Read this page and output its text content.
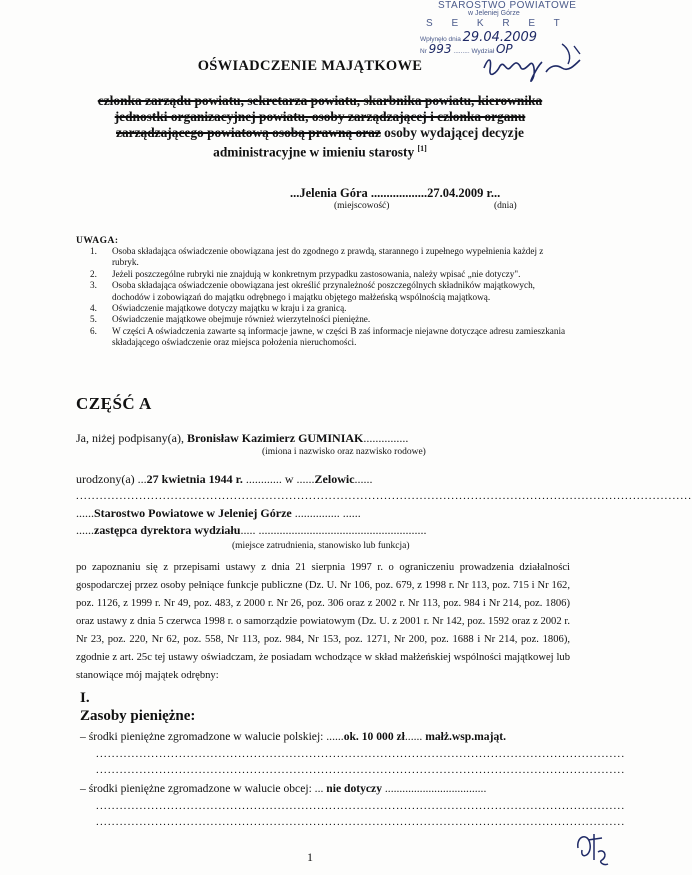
STAROSTWO POWIATOWE
w Jeleniej Górze
S E K R E T
Wpłynęło dnia 29.04.2009
Nr 993 ......... Wydział OP
OŚWIADCZENIE MAJĄTKOWE
członka zarządu powiatu, sekretarza powiatu, skarbnika powiatu, kierownika jednostki organizacyjnej powiatu, osoby zarządzającej i członka organu zarządzającego powiatową osobą prawną oraz osoby wydającej decyzje administracyjne w imieniu starosty [1]
...Jelenia Góra ..................27.04.2009 r...
(miejscowość)	(dnia)
UWAGA:
1. Osoba składająca oświadczenie obowiązana jest do zgodnego z prawdą, starannego i zupełnego wypełnienia każdej z rubryk.
2. Jeżeli poszczególne rubryki nie znajdują w konkretnym przypadku zastosowania, należy wpisać „nie dotyczy".
3. Osoba składająca oświadczenie obowiązana jest określić przynależność poszczególnych składników majątkowych, dochodów i zobowiązań do majątku odrębnego i majątku objętego małżeńską wspólnością majątkową.
4. Oświadczenie majątkowe dotyczy majątku w kraju i za granicą.
5. Oświadczenie majątkowe obejmuje również wierzytelności pieniężne.
6. W części A oświadczenia zawarte są informacje jawne, w części B zaś informacje niejawne dotyczące adresu zamieszkania składającego oświadczenie oraz miejsca położenia nieruchomości.
CZĘŚĆ A
Ja, niżej podpisany(a), Bronisław Kazimierz GUMINIAK...............
(imiona i nazwisko oraz nazwisko rodowe)
urodzony(a) ...27 kwietnia 1944 r. ............ w ......Zelowic......
............................................................................................................................................................
......Starostwo Powiatowe w Jeleniej Górze ............... ......
......zastępca dyrektora wydziału..... ........................................................
(miejsce zatrudnienia, stanowisko lub funkcja)
po zapoznaniu się z przepisami ustawy z dnia 21 sierpnia 1997 r. o ograniczeniu prowadzenia działalności gospodarczej przez osoby pełniące funkcje publiczne (Dz. U. Nr 106, poz. 679, z 1998 r. Nr 113, poz. 715 i Nr 162, poz. 1126, z 1999 r. Nr 49, poz. 483, z 2000 r. Nr 26, poz. 306 oraz z 2002 r. Nr 113, poz. 984 i Nr 214, poz. 1806) oraz ustawy z dnia 5 czerwca 1998 r. o samorządzie powiatowym (Dz. U. z 2001 r. Nr 142, poz. 1592 oraz z 2002 r. Nr 23, poz. 220, Nr 62, poz. 558, Nr 113, poz. 984, Nr 153, poz. 1271, Nr 200, poz. 1688 i Nr 214, poz. 1806), zgodnie z art. 25c tej ustawy oświadczam, że posiadam wchodzące w skład małżeńskiej wspólności majątkowej lub stanowiące mój majątek odrębny:
I.
Zasoby pieniężne:
– środki pieniężne zgromadzone w walucie polskiej: ......ok. 10 000 zł...... małż.wsp.mająt.
......................................................................................................................................
......................................................................................................................................
– środki pieniężne zgromadzone w walucie obcej: ... nie dotyczy ...................................
......................................................................................................................................
......................................................................................................................................
1
